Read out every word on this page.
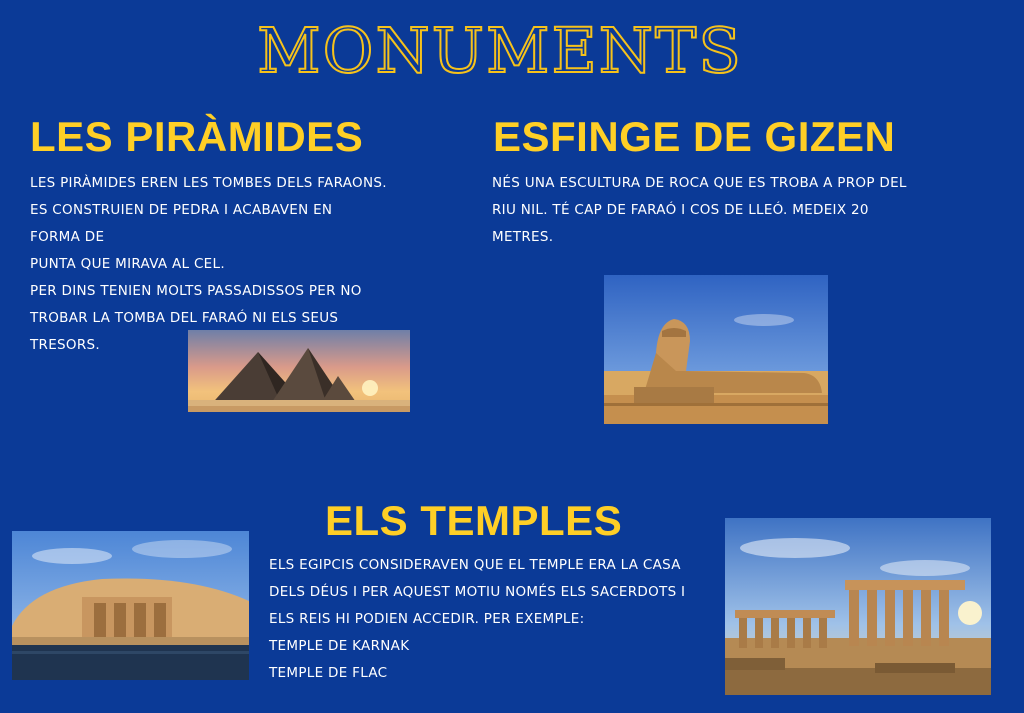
MONUMENTS
LES PIRÀMIDES
LES PIRÀMIDES EREN LES TOMBES DELS FARAONS.
ES CONSTRUIEN DE PEDRA I ACABAVEN EN
FORMA DE
PUNTA QUE MIRAVA AL CEL.
PER DINS TENIEN MOLTS PASSADISSOS PER NO
TROBAR LA TOMBA DEL FARAÓ NI ELS SEUS
TRESORS.
ESFINGE DE GIZEN
NÉS UNA ESCULTURA DE ROCA QUE ES TROBA A PROP DEL
RIU NIL. TÉ CAP DE FARAÓ I COS DE LLEÓ. MEDEIX 20
METRES.
ELS TEMPLES
ELS EGIPCIS CONSIDERAVEN QUE EL TEMPLE ERA LA CASA
DELS DÉUS I PER AQUEST MOTIU NOMÉS ELS SACERDOTS I
ELS REIS HI PODIEN ACCEDIR. PER EXEMPLE:
TEMPLE DE KARNAK
TEMPLE DE FLAC
